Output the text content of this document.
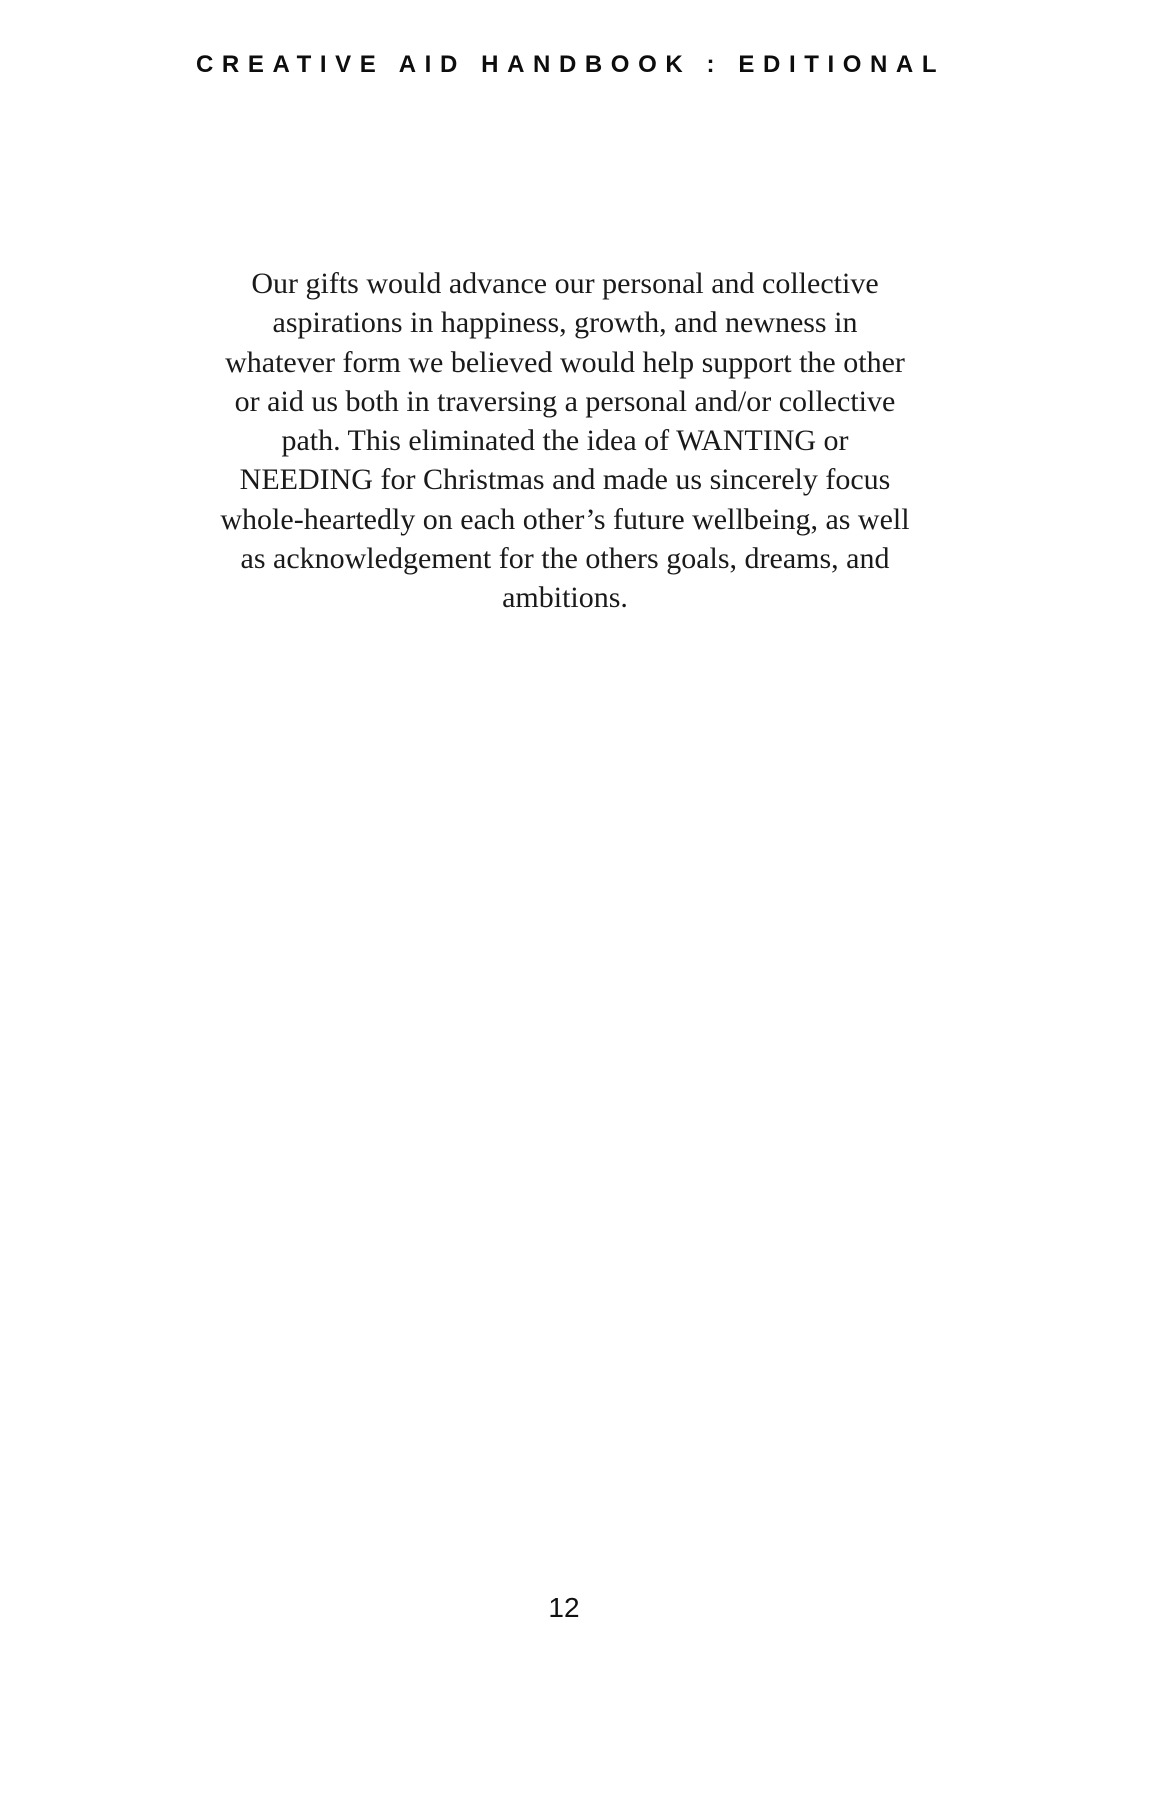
CREATIVE AID HANDBOOK : EDITIONAL
Our gifts would advance our personal and collective
aspirations in happiness, growth, and newness in
whatever form we believed would help support the other
or aid us both in traversing a personal and/or collective
path. This eliminated the idea of WANTING or
NEEDING for Christmas and made us sincerely focus
whole-heartedly on each other’s future wellbeing, as well
as acknowledgement for the others goals, dreams, and
ambitions.
12
